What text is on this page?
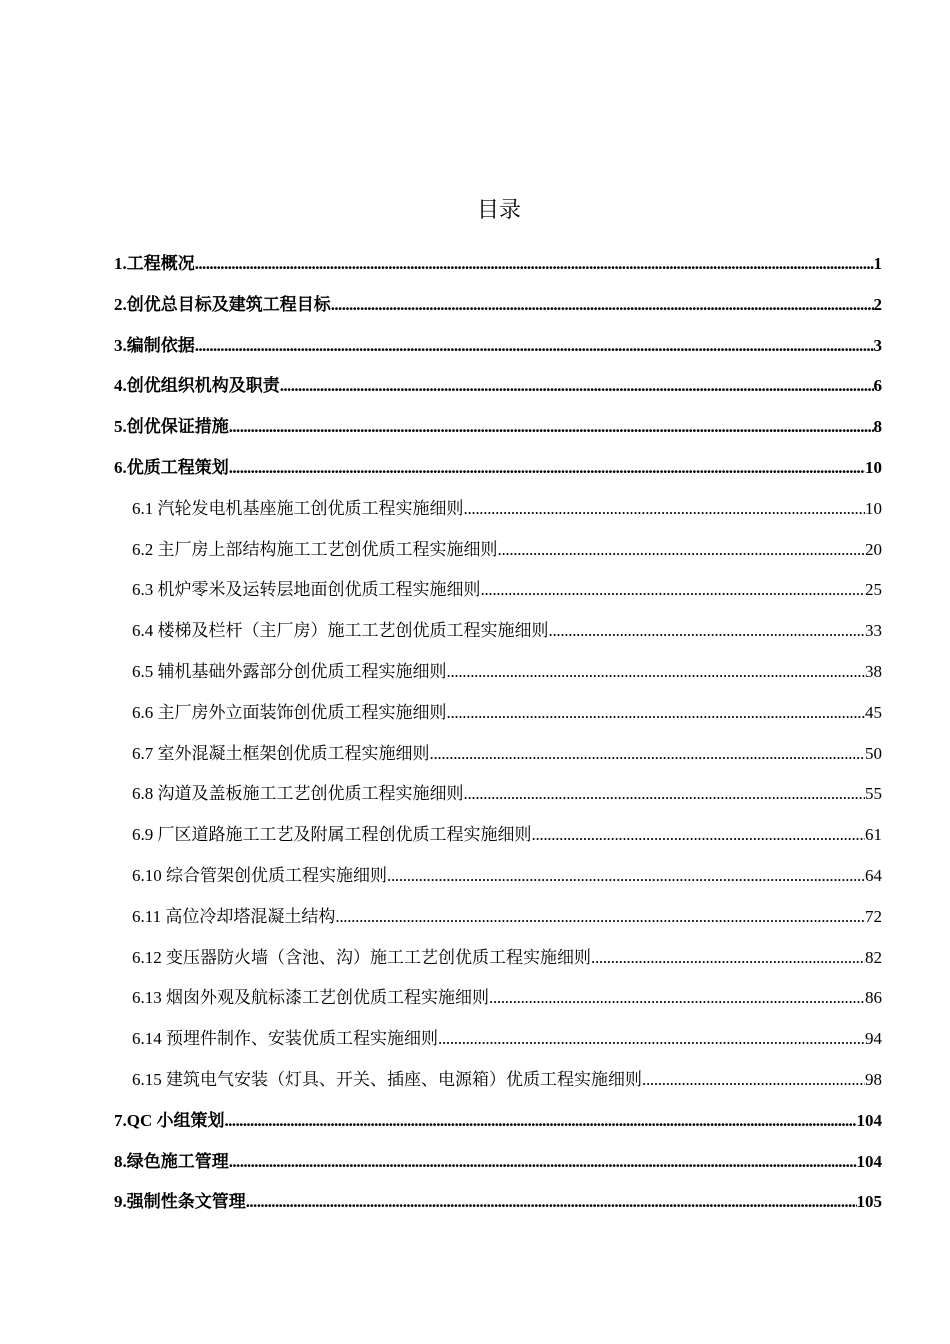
目录
1.工程概况 .....	1
2.创优总目标及建筑工程目标 .....	2
3.编制依据 .....	3
4.创优组织机构及职责 .....	6
5.创优保证措施 .....	8
6.优质工程策划 .....	10
6.1 汽轮发电机基座施工创优质工程实施细则 .....	10
6.2 主厂房上部结构施工工艺创优质工程实施细则 .....	20
6.3 机炉零米及运转层地面创优质工程实施细则 .....	25
6.4 楼梯及栏杆（主厂房）施工工艺创优质工程实施细则 .....	33
6.5 辅机基础外露部分创优质工程实施细则 .....	38
6.6 主厂房外立面装饰创优质工程实施细则 .....	45
6.7 室外混凝土框架创优质工程实施细则 .....	50
6.8 沟道及盖板施工工艺创优质工程实施细则 .....	55
6.9 厂区道路施工工艺及附属工程创优质工程实施细则 .....	61
6.10 综合管架创优质工程实施细则 .....	64
6.11 高位冷却塔混凝土结构 .....	72
6.12 变压器防火墙（含池、沟）施工工艺创优质工程实施细则 .....	82
6.13 烟囱外观及航标漆工艺创优质工程实施细则 .....	86
6.14 预埋件制作、安装优质工程实施细则 .....	94
6.15 建筑电气安装（灯具、开关、插座、电源箱）优质工程实施细则 .....	98
7.QC 小组策划 .....	104
8.绿色施工管理 .....	104
9.强制性条文管理 .....	105
